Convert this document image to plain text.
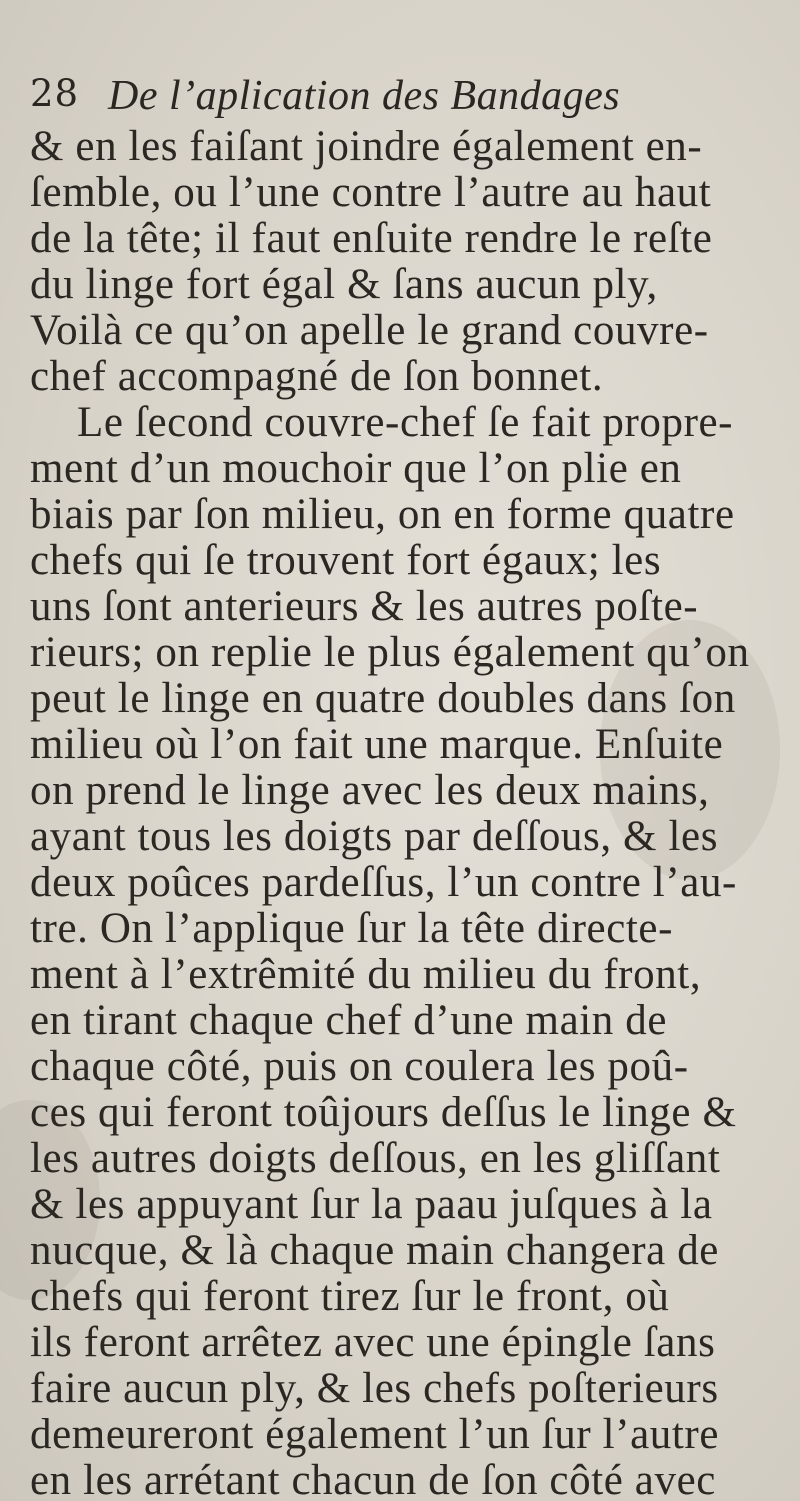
28 De l’aplication des Bandages
& en les faiſant joindre également en-
ſemble, ou l’une contre l’autre au haut
de la tête; il faut enſuite rendre le reſte
du linge fort égal & ſans aucun ply,
Voilà ce qu’on apelle le grand couvre-
chef accompagné de ſon bonnet.
Le ſecond couvre-chef ſe fait propre-
ment d’un mouchoir que l’on plie en
biais par ſon milieu, on en forme quatre
chefs qui ſe trouvent fort égaux; les
uns ſont anterieurs & les autres poſte-
rieurs; on replie le plus également qu’on
peut le linge en quatre doubles dans ſon
milieu où l’on fait une marque. Enſuite
on prend le linge avec les deux mains,
ayant tous les doigts par deſſous, & les
deux poûces pardeſſus, l’un contre l’au-
tre. On l’applique ſur la tête directe-
ment à l’extrêmité du milieu du front,
en tirant chaque chef d’une main de
chaque côté, puis on coulera les poû-
ces qui feront toûjours deſſus le linge &
les autres doigts deſſous, en les gliſſant
& les appuyant ſur la paau juſques à la
nucque, & là chaque main changera de
chefs qui feront tirez ſur le front, où
ils feront arrêtez avec une épingle ſans
faire aucun ply, & les chefs poſterieurs
demeureront également l’un ſur l’autre
en les arrétant chacun de ſon côté avec
